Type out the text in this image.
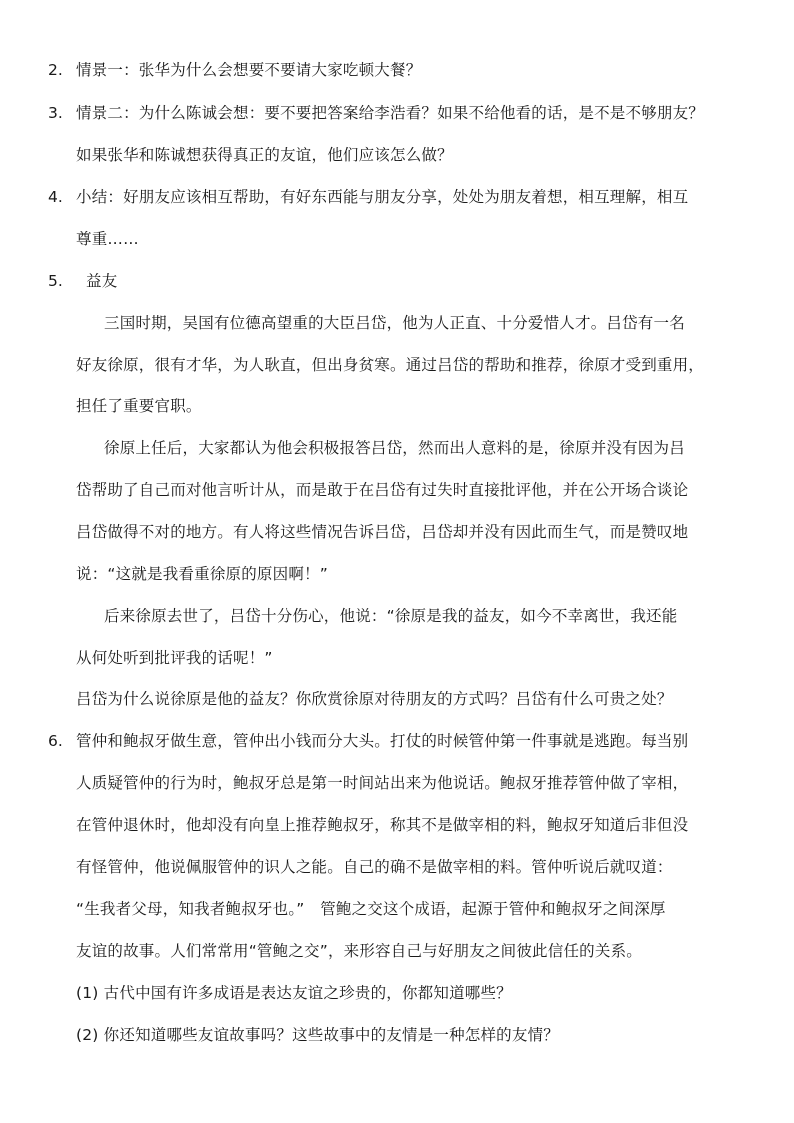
2. 情景一：张华为什么会想要不要请大家吃顿大餐？
3. 情景二：为什么陈诚会想：要不要把答案给李浩看？如果不给他看的话，是不是不够朋友？
如果张华和陈诚想获得真正的友谊，他们应该怎么做？
4. 小结：好朋友应该相互帮助，有好东西能与朋友分享，处处为朋友着想，相互理解，相互
尊重……
5. 益友
三国时期，吴国有位德高望重的大臣吕岱，他为人正直、十分爱惜人才。吕岱有一名
好友徐原，很有才华，为人耿直，但出身贫寒。通过吕岱的帮助和推荐，徐原才受到重用，
担任了重要官职。
徐原上任后，大家都认为他会积极报答吕岱，然而出人意料的是，徐原并没有因为吕
岱帮助了自己而对他言听计从，而是敢于在吕岱有过失时直接批评他，并在公开场合谈论
吕岱做得不对的地方。有人将这些情况告诉吕岱，吕岱却并没有因此而生气，而是赞叹地
说：“这就是我看重徐原的原因啊！”
后来徐原去世了，吕岱十分伤心，他说：“徐原是我的益友，如今不幸离世，我还能
从何处听到批评我的话呢！”
吕岱为什么说徐原是他的益友？你欣赏徐原对待朋友的方式吗？吕岱有什么可贵之处？
6. 管仲和鲍叔牙做生意，管仲出小钱而分大头。打仗的时候管仲第一件事就是逃跑。每当别
人质疑管仲的行为时，鲍叔牙总是第一时间站出来为他说话。鲍叔牙推荐管仲做了宰相，
在管仲退休时，他却没有向皇上推荐鲍叔牙，称其不是做宰相的料，鲍叔牙知道后非但没
有怪管仲，他说佩服管仲的识人之能。自己的确不是做宰相的料。管仲听说后就叹道：
“生我者父母，知我者鲍叔牙也。”　管鲍之交这个成语，起源于管仲和鲍叔牙之间深厚
友谊的故事。人们常常用“管鲍之交”，来形容自己与好朋友之间彼此信任的关系。
(1) 古代中国有许多成语是表达友谊之珍贵的，你都知道哪些？
(2) 你还知道哪些友谊故事吗？这些故事中的友情是一种怎样的友情？
